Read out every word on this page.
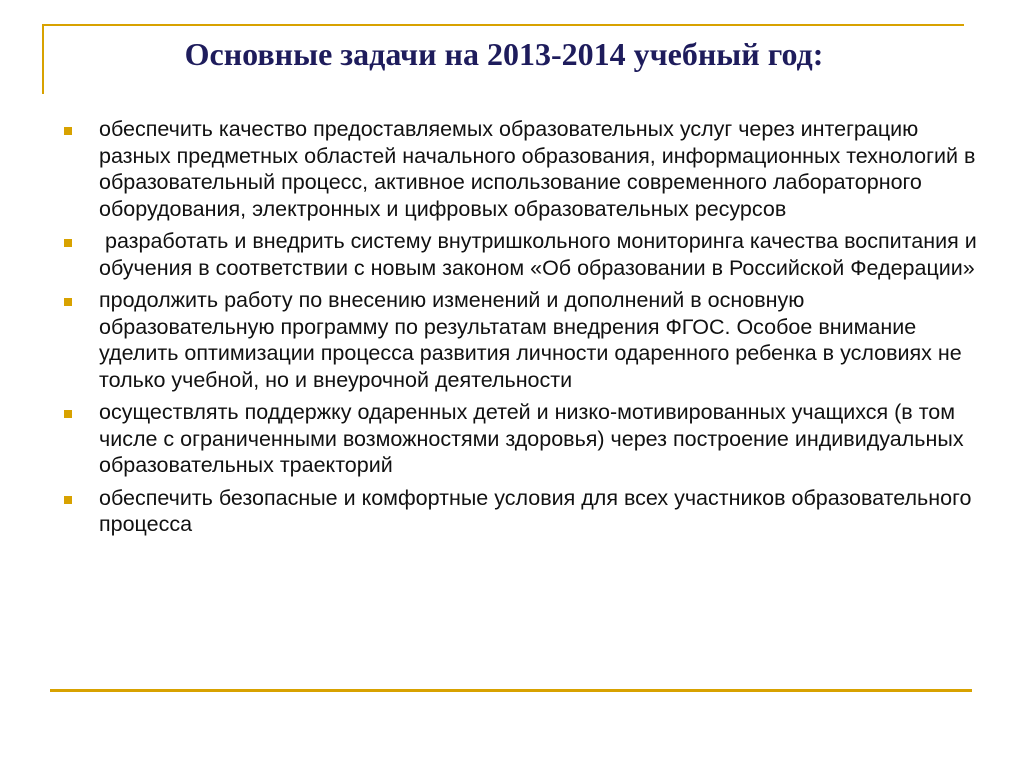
Основные задачи на 2013-2014 учебный год:
обеспечить качество предоставляемых образовательных услуг через интеграцию разных предметных областей начального образования, информационных технологий в образовательный процесс, активное использование современного лабораторного оборудования, электронных и цифровых образовательных ресурсов
разработать и внедрить систему внутришкольного мониторинга качества воспитания и обучения в соответствии с новым законом «Об образовании в Российской Федерации»
продолжить работу по внесению изменений и дополнений в основную образовательную программу по результатам внедрения ФГОС. Особое внимание уделить оптимизации процесса развития личности одаренного ребенка в условиях не только учебной, но и внеурочной деятельности
осуществлять поддержку одаренных детей и низко-мотивированных учащихся (в том числе с ограниченными возможностями здоровья) через построение индивидуальных образовательных траекторий
обеспечить безопасные и комфортные условия для всех участников образовательного процесса
